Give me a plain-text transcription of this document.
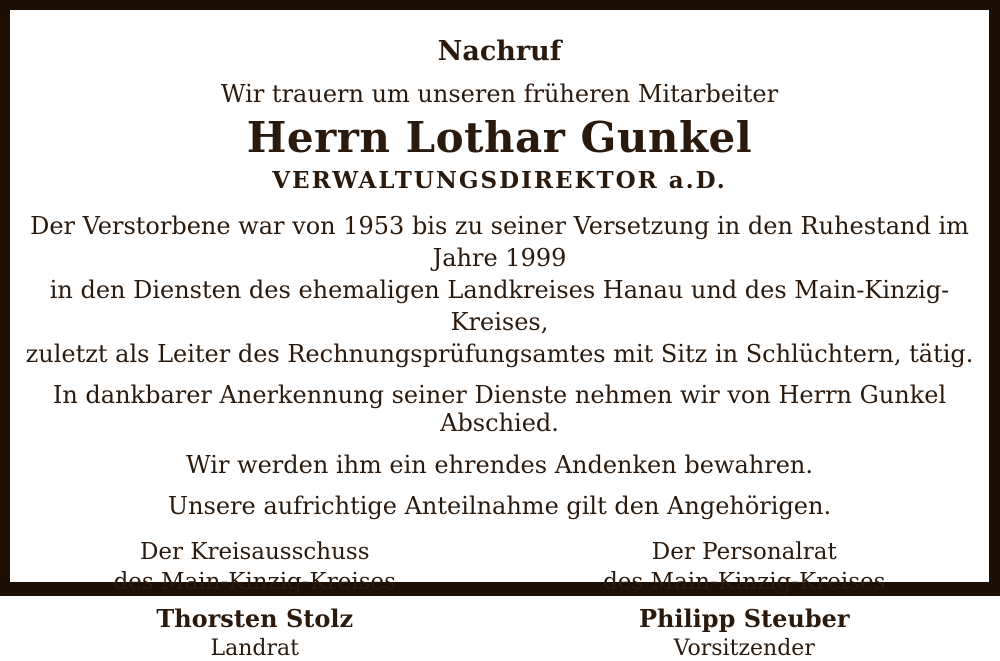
Nachruf
Wir trauern um unseren früheren Mitarbeiter
Herrn Lothar Gunkel
VERWALTUNGSDIREKTOR a.D.
Der Verstorbene war von 1953 bis zu seiner Versetzung in den Ruhestand im Jahre 1999
in den Diensten des ehemaligen Landkreises Hanau und des Main-Kinzig-Kreises,
zuletzt als Leiter des Rechnungsprüfungsamtes mit Sitz in Schlüchtern, tätig.
In dankbarer Anerkennung seiner Dienste nehmen wir von Herrn Gunkel Abschied.
Wir werden ihm ein ehrendes Andenken bewahren.
Unsere aufrichtige Anteilnahme gilt den Angehörigen.
Der Kreisausschuss
des Main-Kinzig-Kreises
Thorsten Stolz
Landrat
Der Personalrat
des Main-Kinzig-Kreises
Philipp Steuber
Vorsitzender
